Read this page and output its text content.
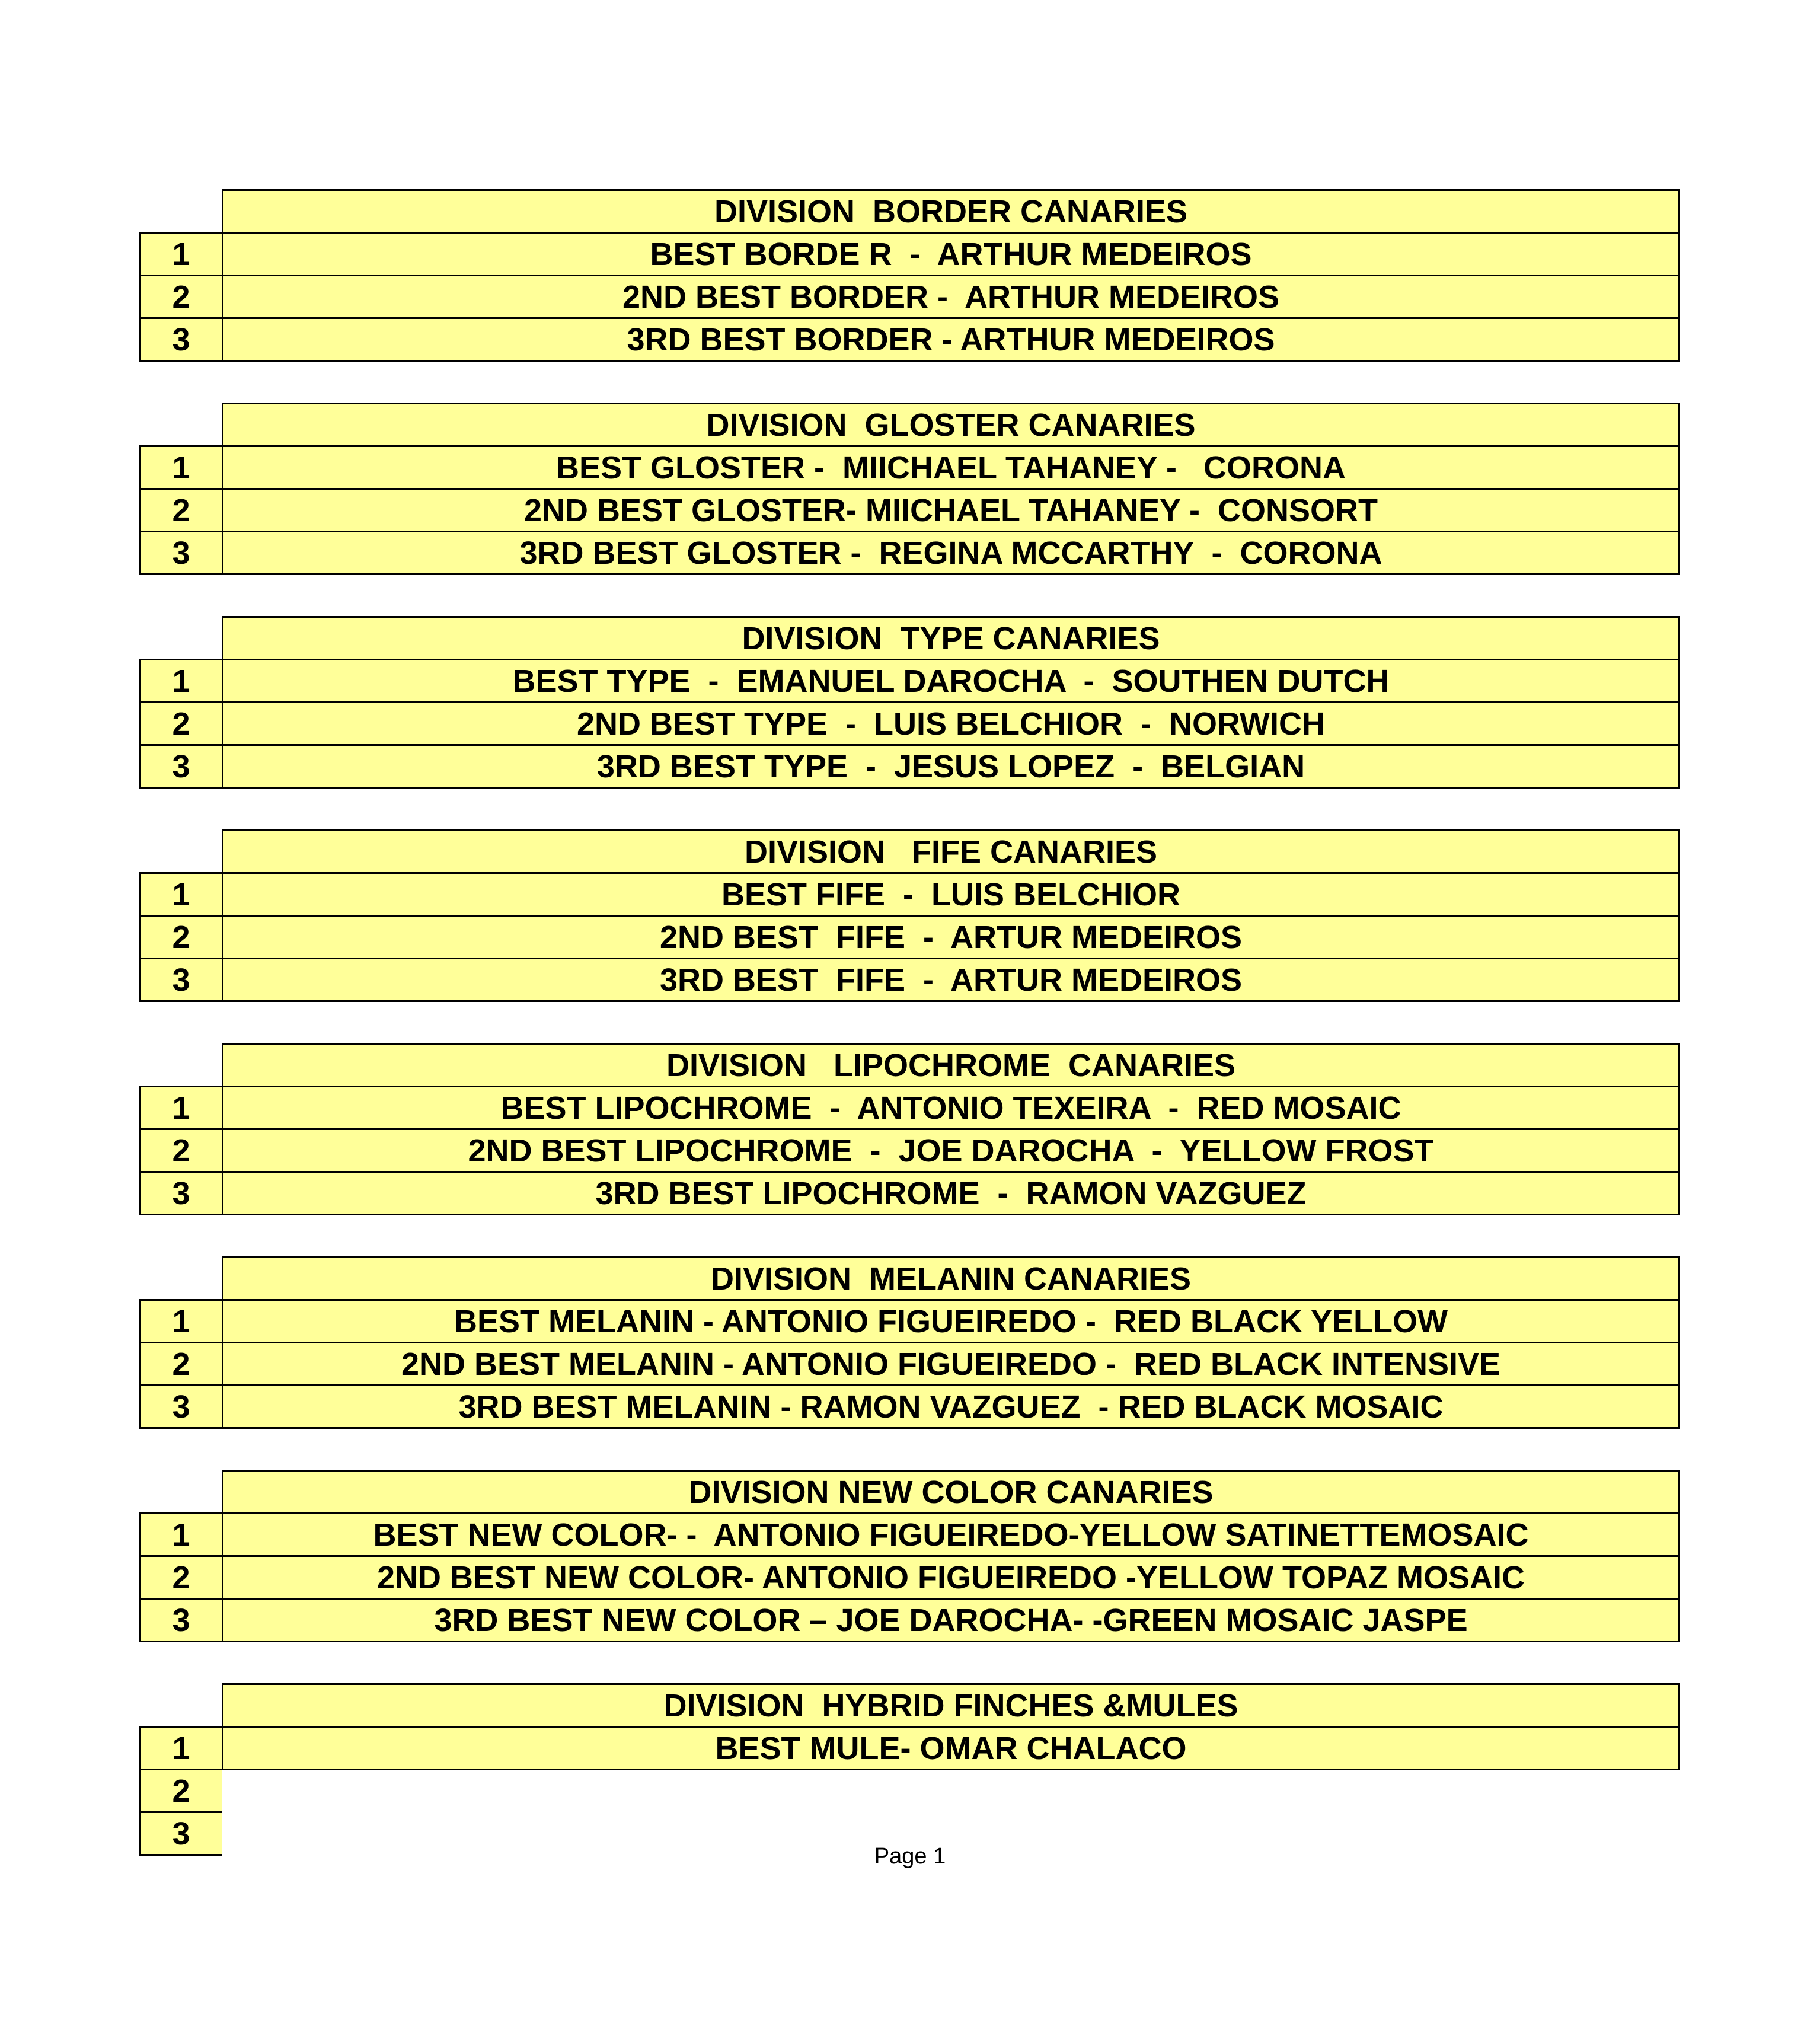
DIVISION  BORDER CANARIES
1	BEST BORDE R  -  ARTHUR MEDEIROS
2	2ND BEST BORDER -  ARTHUR MEDEIROS
3	3RD BEST BORDER - ARTHUR MEDEIROS
DIVISION  GLOSTER CANARIES
1	BEST GLOSTER -  MIICHAEL TAHANEY -   CORONA
2	2ND BEST GLOSTER- MIICHAEL TAHANEY -  CONSORT
3	3RD BEST GLOSTER -  REGINA MCCARTHY  -  CORONA
DIVISION  TYPE CANARIES
1	BEST TYPE  -  EMANUEL DAROCHA  -  SOUTHEN DUTCH
2	2ND BEST TYPE  -  LUIS BELCHIOR  -  NORWICH
3	3RD BEST TYPE  -  JESUS LOPEZ  -  BELGIAN
DIVISION   FIFE CANARIES
1	BEST FIFE  -  LUIS BELCHIOR
2	2ND BEST  FIFE  -  ARTUR MEDEIROS
3	3RD BEST  FIFE  -  ARTUR MEDEIROS
DIVISION   LIPOCHROME  CANARIES
1	BEST LIPOCHROME  -  ANTONIO TEXEIRA  -  RED MOSAIC
2	2ND BEST LIPOCHROME  -  JOE DAROCHA  -  YELLOW FROST
3	3RD BEST LIPOCHROME  -  RAMON VAZGUEZ
DIVISION  MELANIN CANARIES
1	BEST MELANIN - ANTONIO FIGUEIREDO -  RED BLACK YELLOW
2	2ND BEST MELANIN - ANTONIO FIGUEIREDO -  RED BLACK INTENSIVE
3	3RD BEST MELANIN - RAMON VAZGUEZ  - RED BLACK MOSAIC
DIVISION NEW COLOR CANARIES
1	BEST NEW COLOR- -  ANTONIO FIGUEIREDO-YELLOW SATINETTEMOSAIC
2	2ND BEST NEW COLOR- ANTONIO FIGUEIREDO -YELLOW TOPAZ MOSAIC
3	3RD BEST NEW COLOR – JOE DAROCHA- -GREEN MOSAIC JASPE
DIVISION  HYBRID FINCHES &MULES
1	BEST MULE- OMAR CHALACO
2
3
Page 1
